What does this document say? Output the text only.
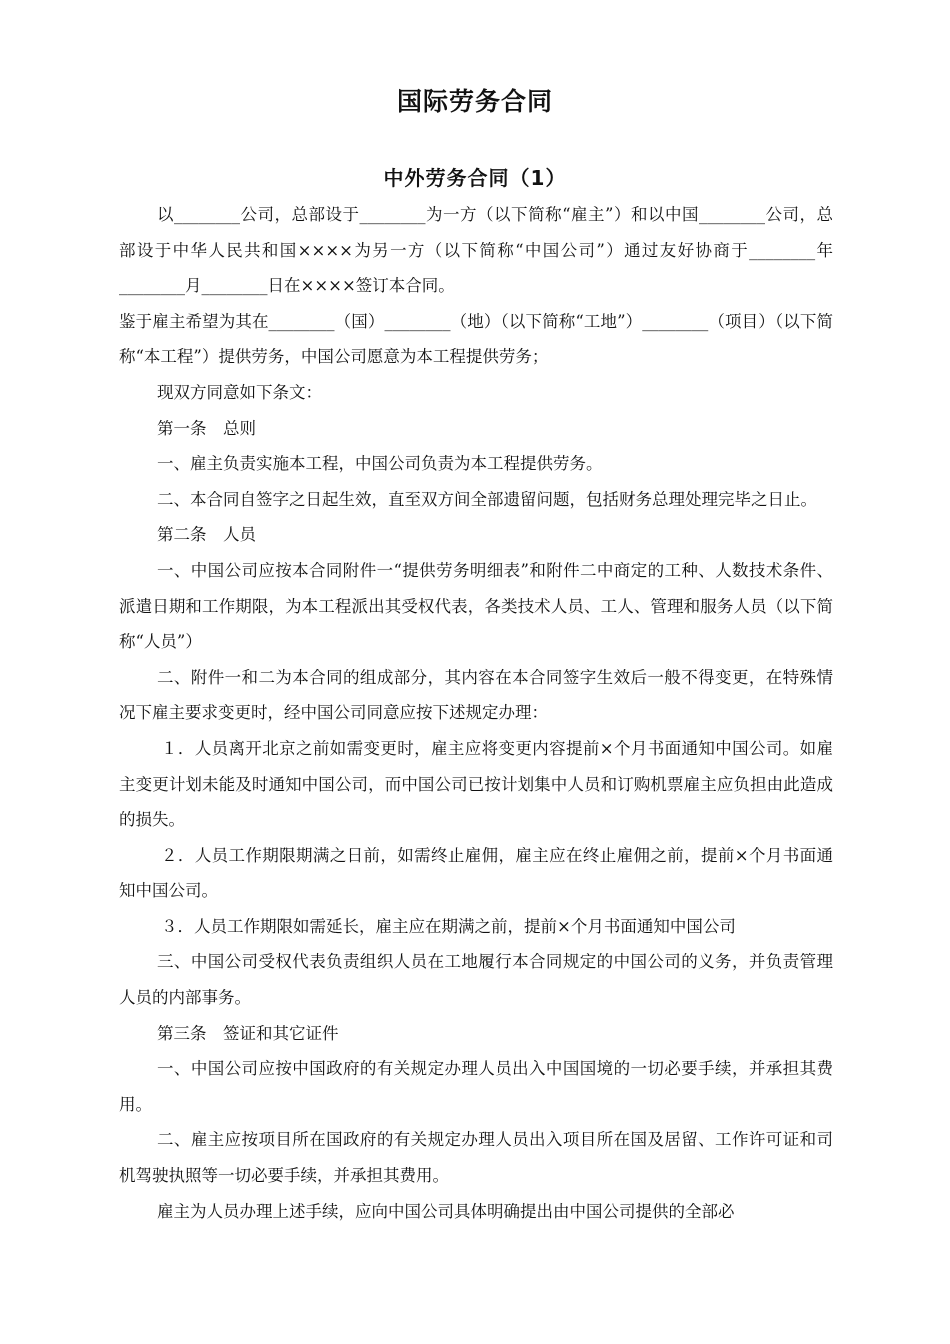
国际劳务合同
中外劳务合同（1）

以________公司，总部设于________为一方（以下简称“雇主”）和以中国________公司，总部设于中华人民共和国××××为另一方（以下简称“中国公司”）通过友好协商于________年________月________日在××××签订本合同。

鉴于雇主希望为其在________（国）________（地）（以下简称“工地”）________（项目）（以下简称“本工程”）提供劳务，中国公司愿意为本工程提供劳务；

现双方同意如下条文：

第一条　总则

一、雇主负责实施本工程，中国公司负责为本工程提供劳务。

二、本合同自签字之日起生效，直至双方间全部遗留问题，包括财务总理处理完毕之日止。

第二条　人员

一、中国公司应按本合同附件一“提供劳务明细表”和附件二中商定的工种、人数技术条件、派遣日期和工作期限，为本工程派出其受权代表，各类技术人员、工人、管理和服务人员（以下简称“人员”）

二、附件一和二为本合同的组成部分，其内容在本合同签字生效后一般不得变更，在特殊情况下雇主要求变更时，经中国公司同意应按下述规定办理：

１．人员离开北京之前如需变更时，雇主应将变更内容提前×个月书面通知中国公司。如雇主变更计划未能及时通知中国公司，而中国公司已按计划集中人员和订购机票雇主应负担由此造成的损失。

２．人员工作期限期满之日前，如需终止雇佣，雇主应在终止雇佣之前，提前×个月书面通知中国公司。

３．人员工作期限如需延长，雇主应在期满之前，提前×个月书面通知中国公司

三、中国公司受权代表负责组织人员在工地履行本合同规定的中国公司的义务，并负责管理人员的内部事务。

第三条　签证和其它证件

一、中国公司应按中国政府的有关规定办理人员出入中国国境的一切必要手续，并承担其费用。

二、雇主应按项目所在国政府的有关规定办理人员出入项目所在国及居留、工作许可证和司机驾驶执照等一切必要手续，并承担其费用。

雇主为人员办理上述手续，应向中国公司具体明确提出由中国公司提供的全部必
